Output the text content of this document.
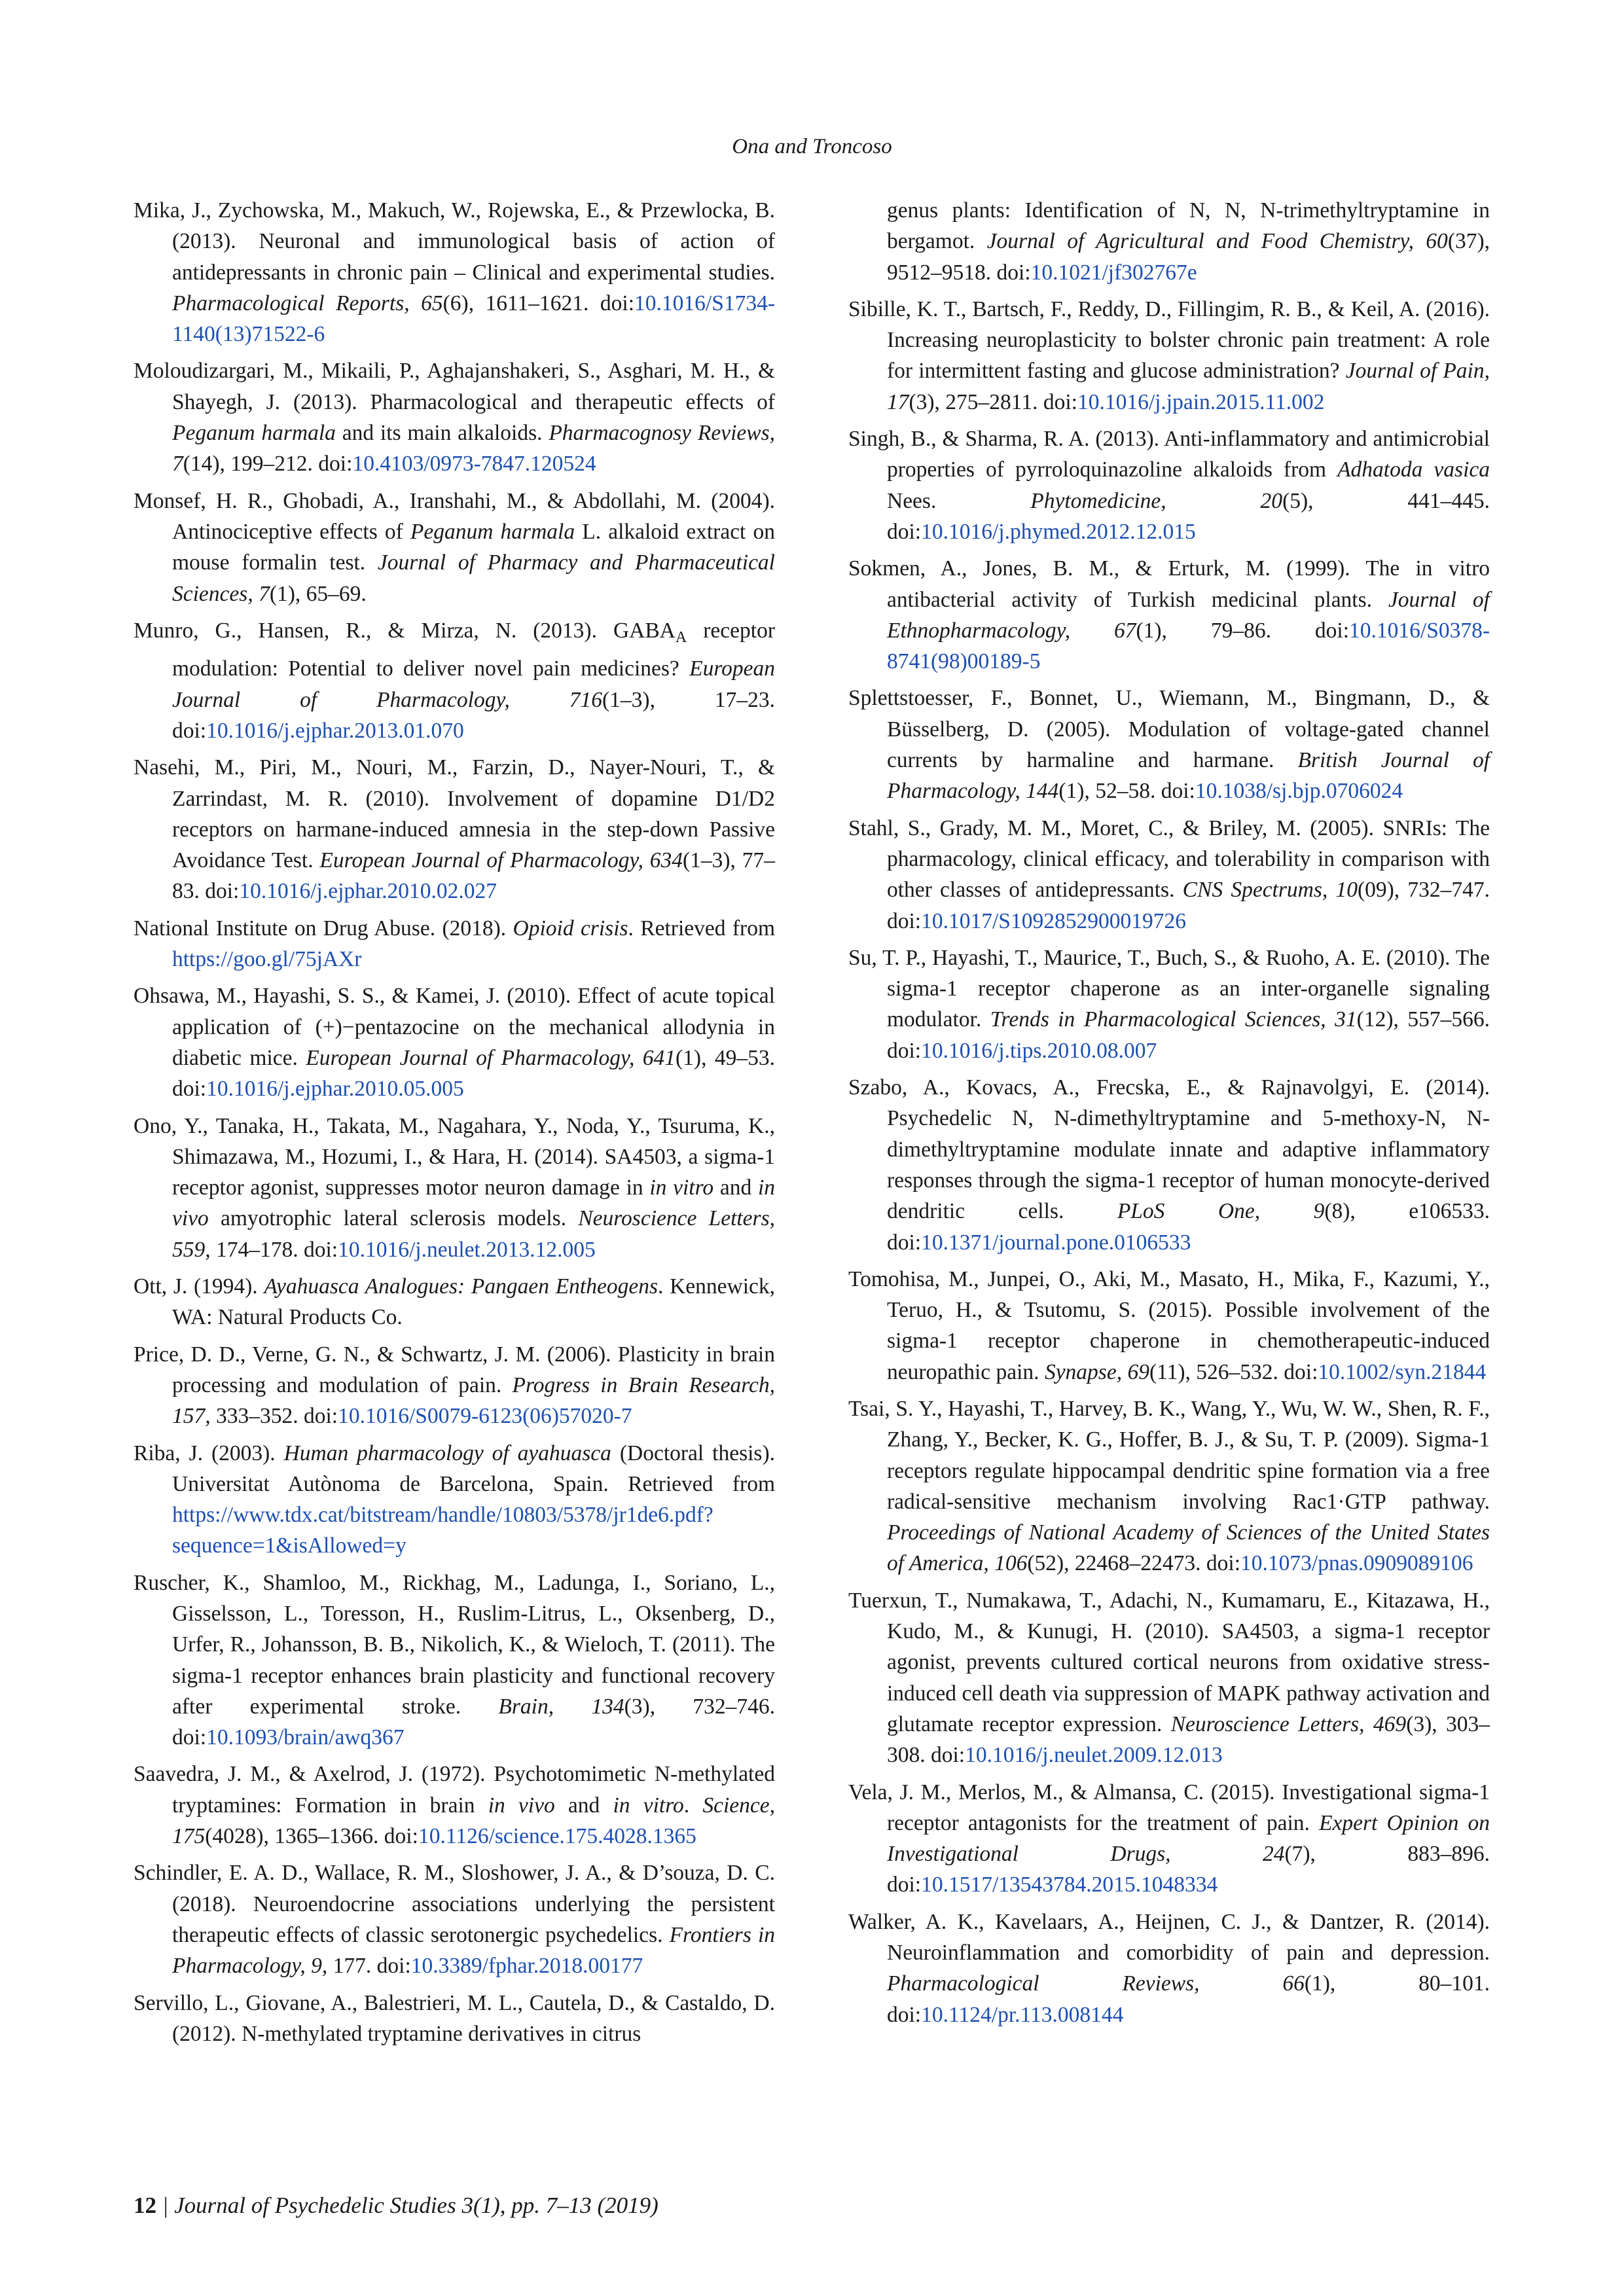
Ona and Troncoso

Mika, J., Zychowska, M., Makuch, W., Rojewska, E., & Przewlocka, B. (2013). Neuronal and immunological basis of action of antidepressants in chronic pain – Clinical and experimental studies. Pharmacological Reports, 65(6), 1611–1621. doi:10.1016/S1734-1140(13)71522-6

Moloudizargari, M., Mikaili, P., Aghajanshakeri, S., Asghari, M. H., & Shayegh, J. (2013). Pharmacological and therapeutic effects of Peganum harmala and its main alkaloids. Pharmacognosy Reviews, 7(14), 199–212. doi:10.4103/0973-7847.120524

Monsef, H. R., Ghobadi, A., Iranshahi, M., & Abdollahi, M. (2004). Antinociceptive effects of Peganum harmala L. alkaloid extract on mouse formalin test. Journal of Pharmacy and Pharmaceutical Sciences, 7(1), 65–69.

Munro, G., Hansen, R., & Mirza, N. (2013). $GABA_A$ receptor modulation: Potential to deliver novel pain medicines? European Journal of Pharmacology, 716(1–3), 17–23. doi:10.1016/j.ejphar.2013.01.070

Nasehi, M., Piri, M., Nouri, M., Farzin, D., Nayer-Nouri, T., & Zarrindast, M. R. (2010). Involvement of dopamine D1/D2 receptors on harmane-induced amnesia in the step-down Passive Avoidance Test. European Journal of Pharmacology, 634(1–3), 77–83. doi:10.1016/j.ejphar.2010.02.027

National Institute on Drug Abuse. (2018). Opioid crisis. Retrieved from https://goo.gl/75jAXr

Ohsawa, M., Hayashi, S. S., & Kamei, J. (2010). Effect of acute topical application of (+)−pentazocine on the mechanical allodynia in diabetic mice. European Journal of Pharmacology, 641(1), 49–53. doi:10.1016/j.ejphar.2010.05.005

Ono, Y., Tanaka, H., Takata, M., Nagahara, Y., Noda, Y., Tsuruma, K., Shimazawa, M., Hozumi, I., & Hara, H. (2014). SA4503, a sigma-1 receptor agonist, suppresses motor neuron damage in in vitro and in vivo amyotrophic lateral sclerosis models. Neuroscience Letters, 559, 174–178. doi:10.1016/j.neulet.2013.12.005

Ott, J. (1994). Ayahuasca Analogues: Pangaen Entheogens. Kennewick, WA: Natural Products Co.

Price, D. D., Verne, G. N., & Schwartz, J. M. (2006). Plasticity in brain processing and modulation of pain. Progress in Brain Research, 157, 333–352. doi:10.1016/S0079-6123(06)57020-7

Riba, J. (2003). Human pharmacology of ayahuasca (Doctoral thesis). Universitat Autònoma de Barcelona, Spain. Retrieved from https://www.tdx.cat/bitstream/handle/10803/5378/jr1de6.pdf?sequence=1&isAllowed=y

Ruscher, K., Shamloo, M., Rickhag, M., Ladunga, I., Soriano, L., Gisselsson, L., Toresson, H., Ruslim-Litrus, L., Oksenberg, D., Urfer, R., Johansson, B. B., Nikolich, K., & Wieloch, T. (2011). The sigma-1 receptor enhances brain plasticity and functional recovery after experimental stroke. Brain, 134(3), 732–746. doi:10.1093/brain/awq367

Saavedra, J. M., & Axelrod, J. (1972). Psychotomimetic N-methylated tryptamines: Formation in brain in vivo and in vitro. Science, 175(4028), 1365–1366. doi:10.1126/science.175.4028.1365

Schindler, E. A. D., Wallace, R. M., Sloshower, J. A., & D’souza, D. C. (2018). Neuroendocrine associations underlying the persistent therapeutic effects of classic serotonergic psychedelics. Frontiers in Pharmacology, 9, 177. doi:10.3389/fphar.2018.00177

Servillo, L., Giovane, A., Balestrieri, M. L., Cautela, D., & Castaldo, D. (2012). N-methylated tryptamine derivatives in citrus

genus plants: Identification of N, N, N-trimethyltryptamine in bergamot. Journal of Agricultural and Food Chemistry, 60(37), 9512–9518. doi:10.1021/jf302767e

Sibille, K. T., Bartsch, F., Reddy, D., Fillingim, R. B., & Keil, A. (2016). Increasing neuroplasticity to bolster chronic pain treatment: A role for intermittent fasting and glucose administration? Journal of Pain, 17(3), 275–2811. doi:10.1016/j.jpain.2015.11.002

Singh, B., & Sharma, R. A. (2013). Anti-inflammatory and antimicrobial properties of pyrroloquinazoline alkaloids from Adhatoda vasica Nees. Phytomedicine, 20(5), 441–445. doi:10.1016/j.phymed.2012.12.015

Sokmen, A., Jones, B. M., & Erturk, M. (1999). The in vitro antibacterial activity of Turkish medicinal plants. Journal of Ethnopharmacology, 67(1), 79–86. doi:10.1016/S0378-8741(98)00189-5

Splettstoesser, F., Bonnet, U., Wiemann, M., Bingmann, D., & Büsselberg, D. (2005). Modulation of voltage-gated channel currents by harmaline and harmane. British Journal of Pharmacology, 144(1), 52–58. doi:10.1038/sj.bjp.0706024

Stahl, S., Grady, M. M., Moret, C., & Briley, M. (2005). SNRIs: The pharmacology, clinical efficacy, and tolerability in comparison with other classes of antidepressants. CNS Spectrums, 10(09), 732–747. doi:10.1017/S1092852900019726

Su, T. P., Hayashi, T., Maurice, T., Buch, S., & Ruoho, A. E. (2010). The sigma-1 receptor chaperone as an inter-organelle signaling modulator. Trends in Pharmacological Sciences, 31(12), 557–566. doi:10.1016/j.tips.2010.08.007

Szabo, A., Kovacs, A., Frecska, E., & Rajnavolgyi, E. (2014). Psychedelic N, N-dimethyltryptamine and 5-methoxy-N, N-dimethyltryptamine modulate innate and adaptive inflammatory responses through the sigma-1 receptor of human monocyte-derived dendritic cells. PLoS One, 9(8), e106533. doi:10.1371/journal.pone.0106533

Tomohisa, M., Junpei, O., Aki, M., Masato, H., Mika, F., Kazumi, Y., Teruo, H., & Tsutomu, S. (2015). Possible involvement of the sigma-1 receptor chaperone in chemotherapeutic-induced neuropathic pain. Synapse, 69(11), 526–532. doi:10.1002/syn.21844

Tsai, S. Y., Hayashi, T., Harvey, B. K., Wang, Y., Wu, W. W., Shen, R. F., Zhang, Y., Becker, K. G., Hoffer, B. J., & Su, T. P. (2009). Sigma-1 receptors regulate hippocampal dendritic spine formation via a free radical-sensitive mechanism involving Rac1·GTP pathway. Proceedings of National Academy of Sciences of the United States of America, 106(52), 22468–22473. doi:10.1073/pnas.0909089106

Tuerxun, T., Numakawa, T., Adachi, N., Kumamaru, E., Kitazawa, H., Kudo, M., & Kunugi, H. (2010). SA4503, a sigma-1 receptor agonist, prevents cultured cortical neurons from oxidative stress-induced cell death via suppression of MAPK pathway activation and glutamate receptor expression. Neuroscience Letters, 469(3), 303–308. doi:10.1016/j.neulet.2009.12.013

Vela, J. M., Merlos, M., & Almansa, C. (2015). Investigational sigma-1 receptor antagonists for the treatment of pain. Expert Opinion on Investigational Drugs, 24(7), 883–896. doi:10.1517/13543784.2015.1048334

Walker, A. K., Kavelaars, A., Heijnen, C. J., & Dantzer, R. (2014). Neuroinflammation and comorbidity of pain and depression. Pharmacological Reviews, 66(1), 80–101. doi:10.1124/pr.113.008144

12 | Journal of Psychedelic Studies 3(1), pp. 7–13 (2019)
